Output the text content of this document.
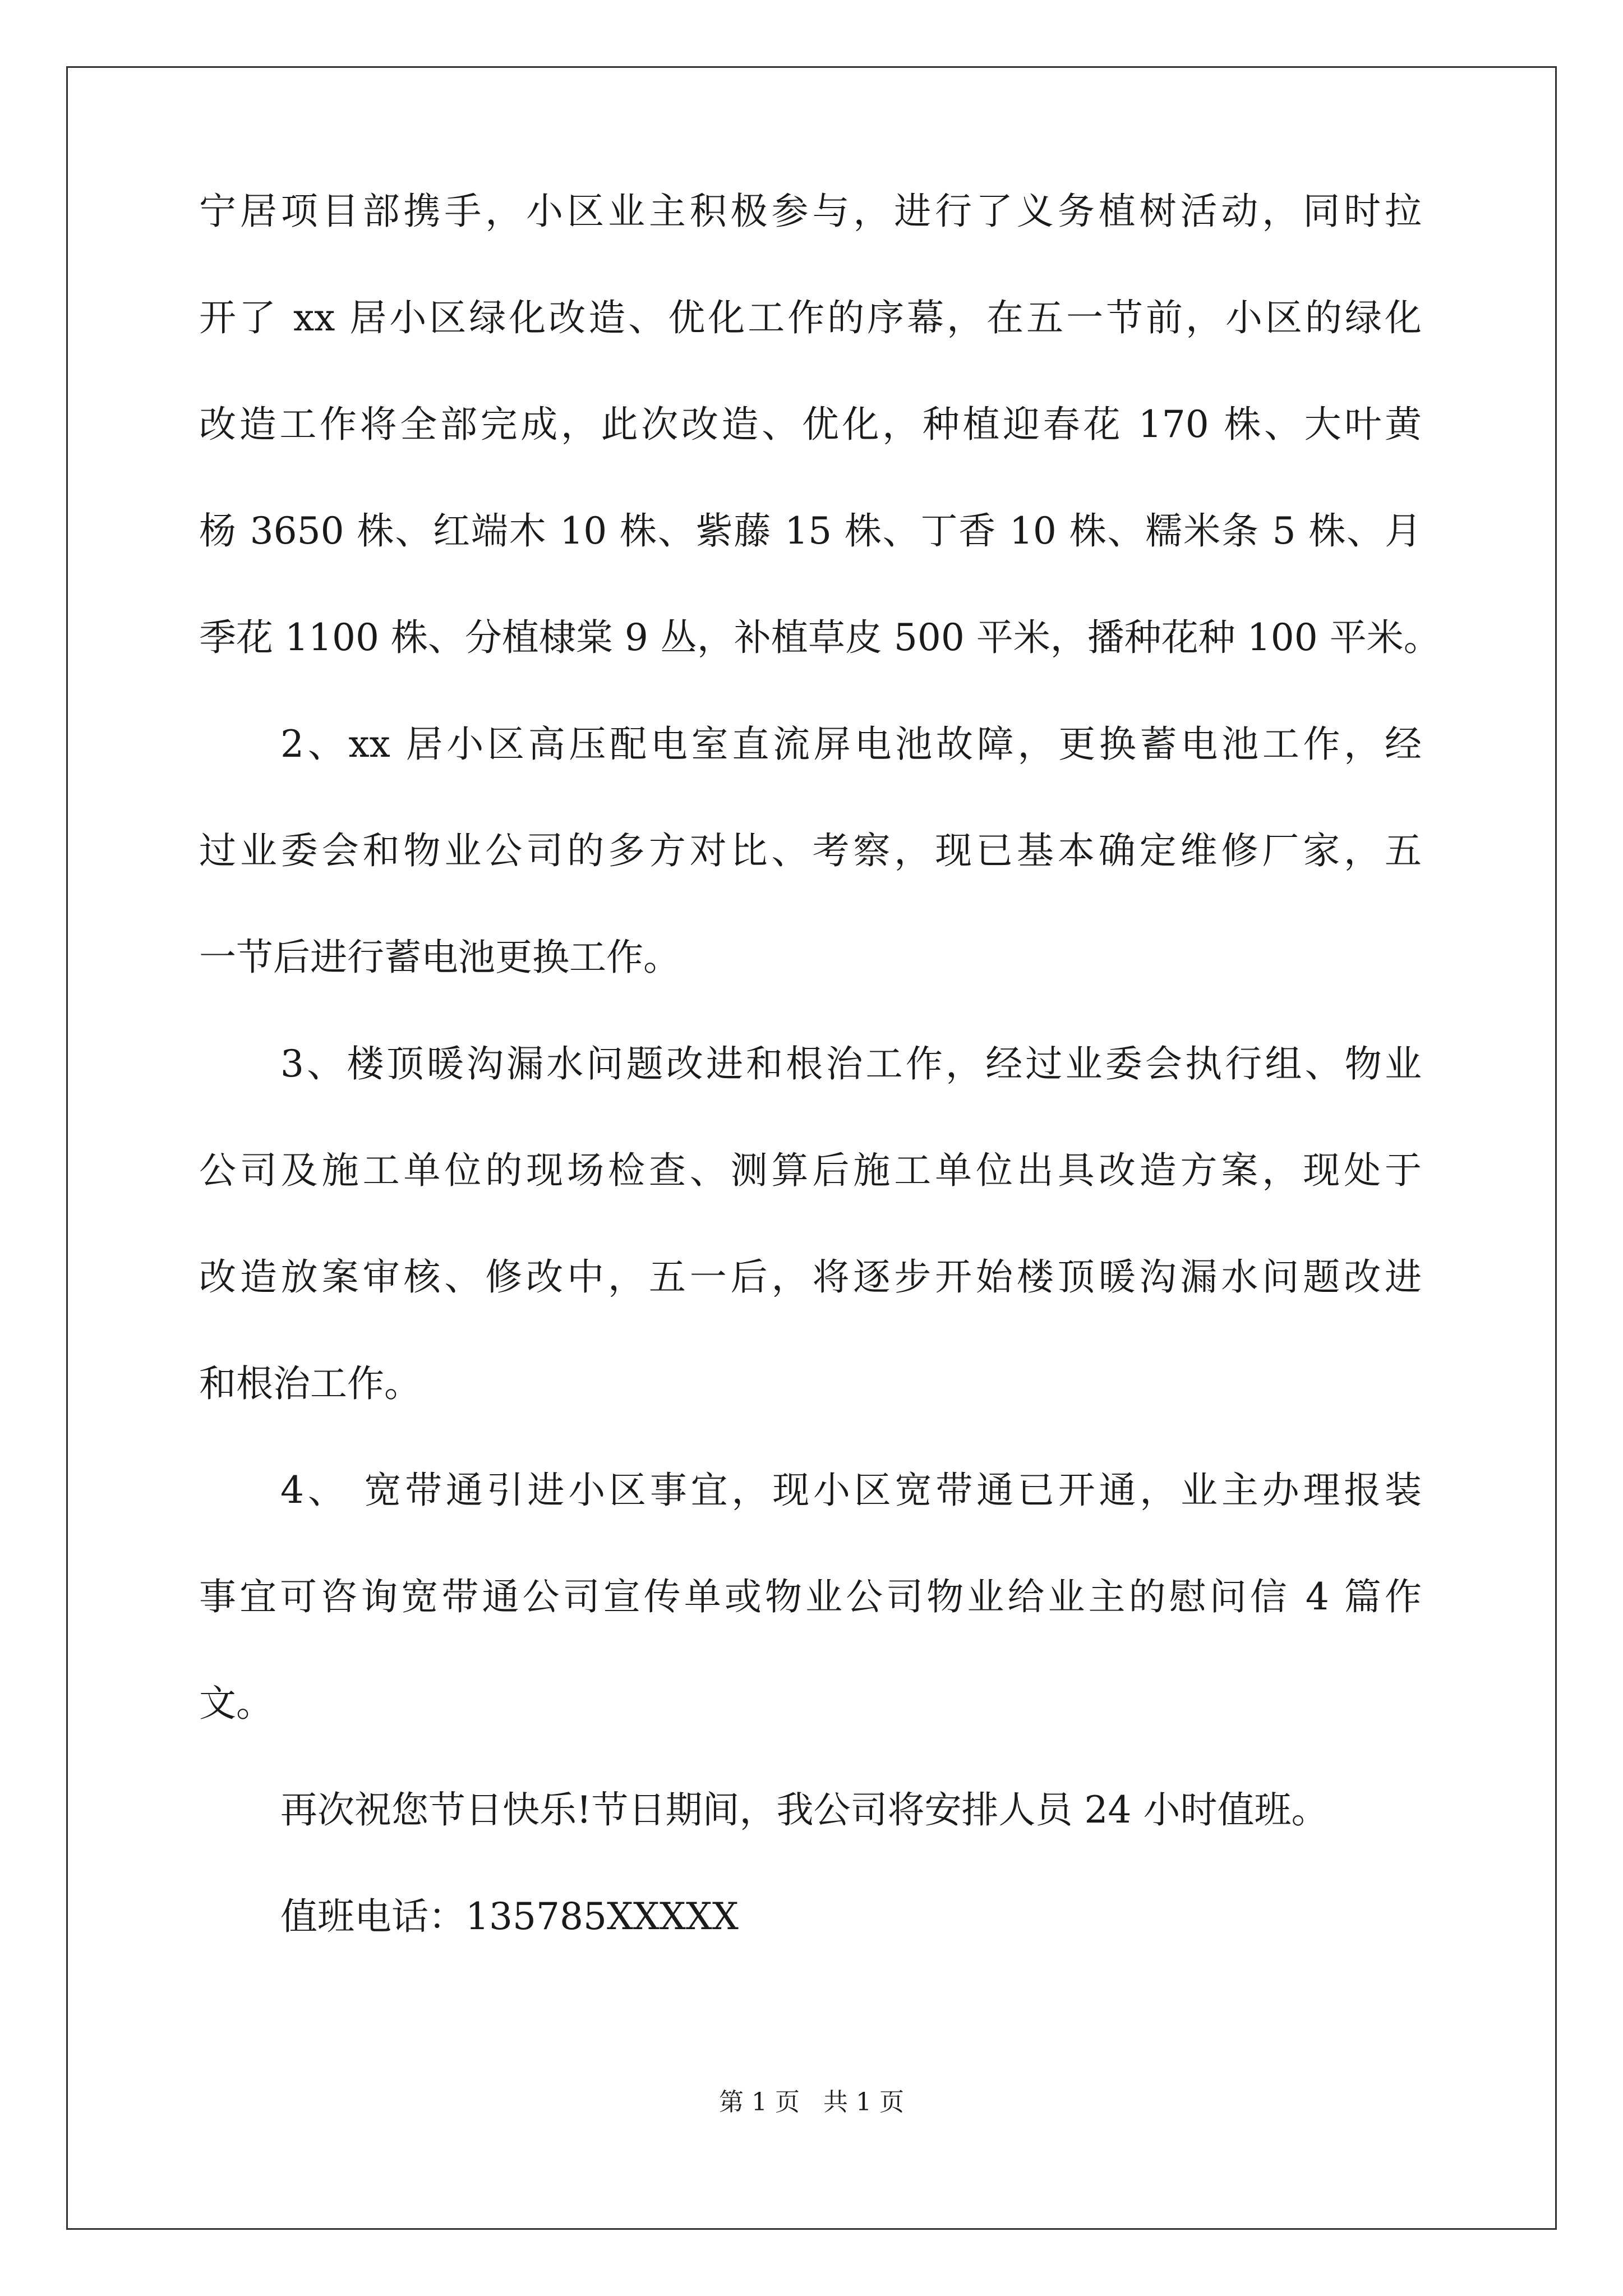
宁居项目部携手，小区业主积极参与，进行了义务植树活动，同时拉
开了 xx 居小区绿化改造、优化工作的序幕，在五一节前，小区的绿化
改造工作将全部完成，此次改造、优化，种植迎春花 170 株、大叶黄
杨 3650 株、红端木 10 株、紫藤 15 株、丁香 10 株、糯米条 5 株、月
季花 1100 株、分植棣棠 9 丛，补植草皮 500 平米，播种花种 100 平米。
2、xx 居小区高压配电室直流屏电池故障，更换蓄电池工作，经
过业委会和物业公司的多方对比、考察，现已基本确定维修厂家，五
一节后进行蓄电池更换工作。
3、楼顶暖沟漏水问题改进和根治工作，经过业委会执行组、物业
公司及施工单位的现场检查、测算后施工单位出具改造方案，现处于
改造放案审核、修改中，五一后，将逐步开始楼顶暖沟漏水问题改进
和根治工作。
4、 宽带通引进小区事宜，现小区宽带通已开通，业主办理报装
事宜可咨询宽带通公司宣传单或物业公司物业给业主的慰问信 4 篇作
文。
再次祝您节日快乐!节日期间，我公司将安排人员 24 小时值班。
值班电话：135785XXXXX
第 1 页   共 1 页
